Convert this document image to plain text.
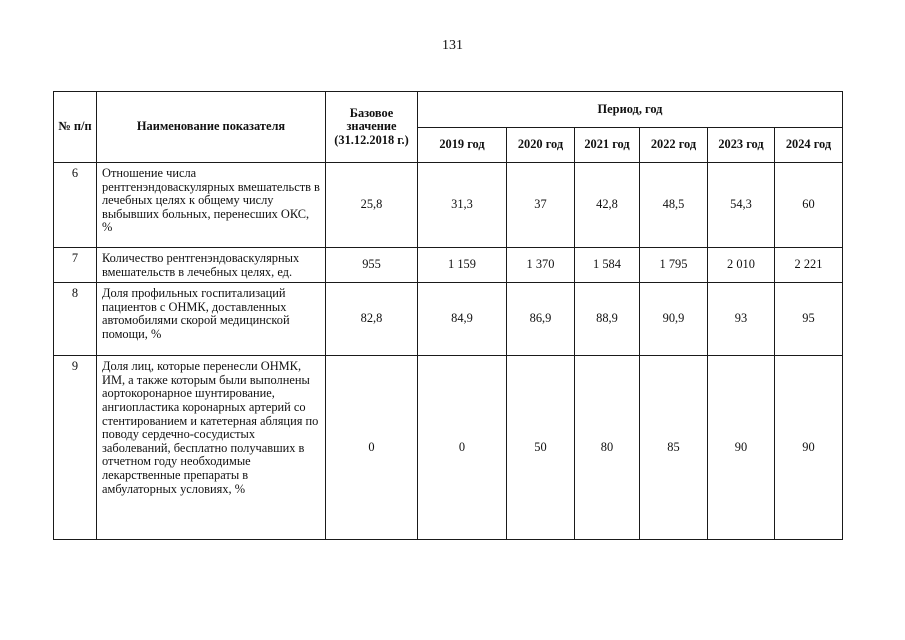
131
№ п/п	Наименование показателя	Базовое значение (31.12.2018 г.)	Период, год					
			2019 год	2020 год	2021 год	2022 год	2023 год	2024 год
6	Отношение числа рентгенэндоваскулярных вмешательств в лечебных целях к общему числу выбывших больных, перенесших ОКС, %	25,8	31,3	37	42,8	48,5	54,3	60
7	Количество рентгенэндоваскулярных вмешательств в лечебных целях, ед.	955	1 159	1 370	1 584	1 795	2 010	2 221
8	Доля профильных госпитализаций пациентов с ОНМК, доставленных автомобилями скорой медицинской помощи, %	82,8	84,9	86,9	88,9	90,9	93	95
9	Доля лиц, которые перенесли ОНМК, ИМ, а также которым были выполнены аортокоронарное шунтирование, ангиопластика коронарных артерий со стентированием и катетерная абляция по поводу сердечно-сосудистых заболеваний, бесплатно получавших в отчетном году необходимые лекарственные препараты в амбулаторных условиях, %	0	0	50	80	85	90	90
